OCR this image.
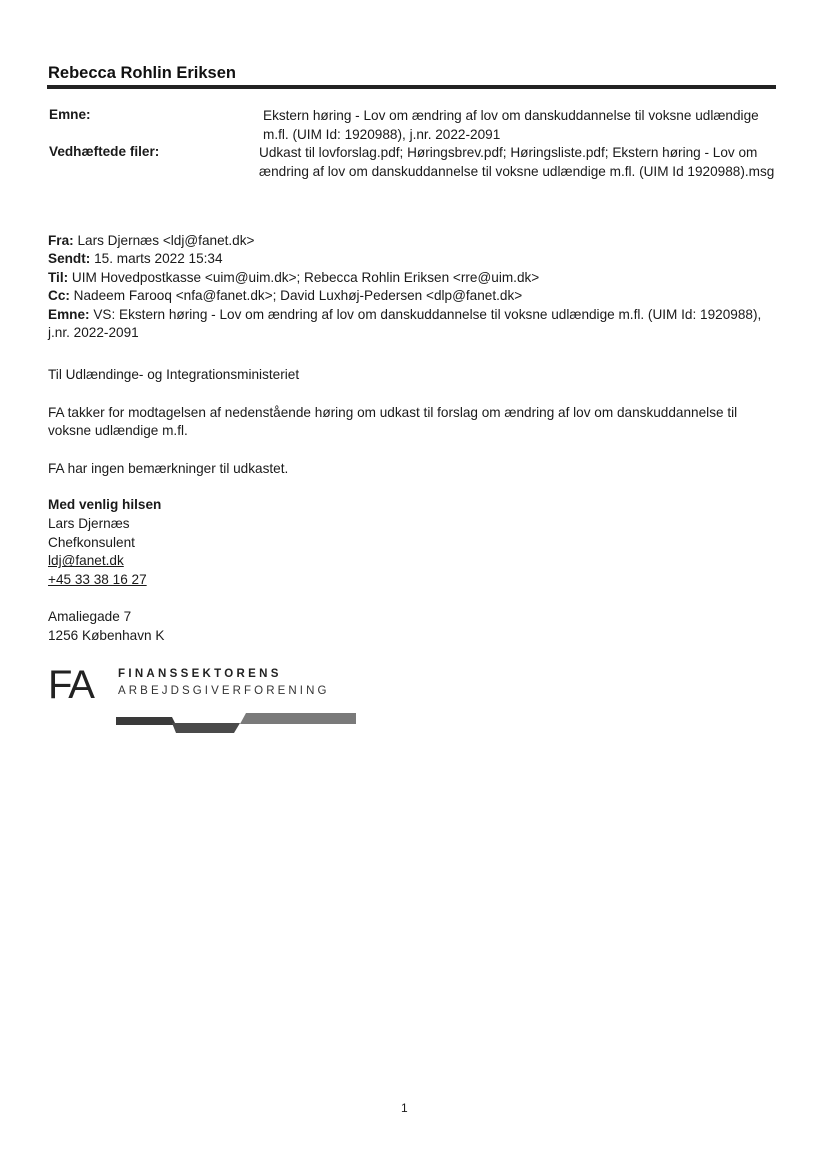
Rebecca Rohlin Eriksen
Emne:	Ekstern høring - Lov om ændring af lov om danskuddannelse til voksne udlændige m.fl. (UIM Id: 1920988), j.nr. 2022-2091
Vedhæftede filer:	Udkast til lovforslag.pdf; Høringsbrev.pdf; Høringsliste.pdf; Ekstern høring - Lov om ændring af lov om danskuddannelse til voksne udlændige m.fl. (UIM Id 1920988).msg
Fra: Lars Djernæs <ldj@fanet.dk>
Sendt: 15. marts 2022 15:34
Til: UIM Hovedpostkasse <uim@uim.dk>; Rebecca Rohlin Eriksen <rre@uim.dk>
Cc: Nadeem Farooq <nfa@fanet.dk>; David Luxhøj-Pedersen <dlp@fanet.dk>
Emne: VS: Ekstern høring - Lov om ændring af lov om danskuddannelse til voksne udlændige m.fl. (UIM Id: 1920988), j.nr. 2022-2091
Til Udlændinge- og Integrationsministeriet
FA takker for modtagelsen af nedenstående høring om udkast til forslag om ændring af lov om danskuddannelse til voksne udlændige m.fl.
FA har ingen bemærkninger til udkastet.
Med venlig hilsen
Lars Djernæs
Chefkonsulent
ldj@fanet.dk
+45 33 38 16 27
Amaliegade 7
1256 København K
FA FINANSSEKTORENS
ARBEJDSGIVERFORENING
1
